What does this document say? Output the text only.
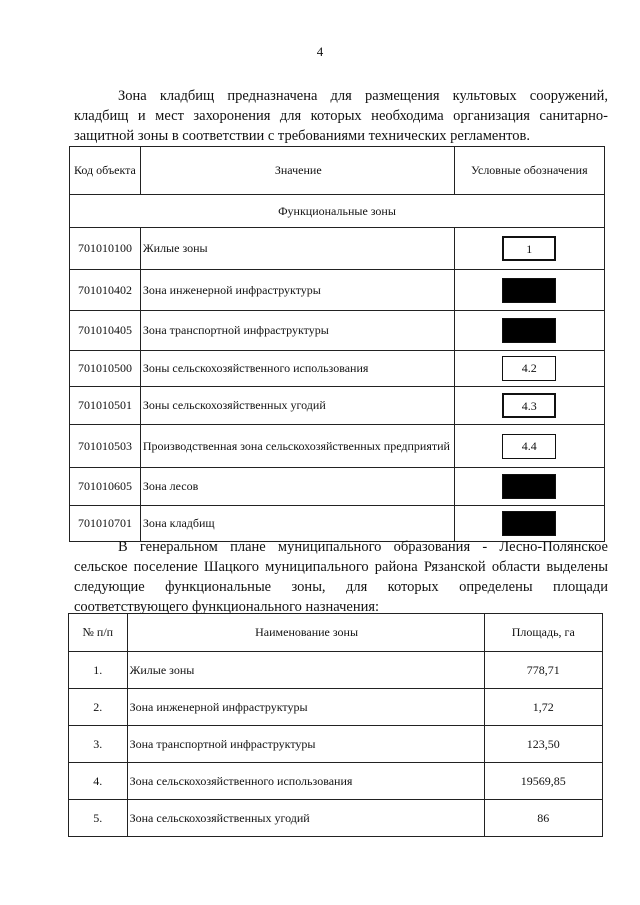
4

Зона кладбищ предназначена для размещения культовых сооружений, кладбищ и мест захоронения для которых необходима организация санитарно-защитной зоны в соответствии с требованиями технических регламентов.

Код объекта	Значение	Условные обозначения
Функциональные зоны		
701010100	Жилые зоны	1

701010402	Зона инженерной инфраструктуры	

701010405	Зона транспортной инфраструктуры	

701010500	Зоны сельскохозяйственного использования	4.2

701010501	Зоны сельскохозяйственных угодий	4.3

701010503	Производственная зона сельскохозяйственных предприятий	4.4

701010605	Зона лесов	

701010701	Зона кладбищ	

В генеральном плане муниципального образования - Лесно-Полянское сельское поселение Шацкого муниципального района Рязанской области выделены следующие функциональные зоны, для которых определены площади соответствующего функционального назначения:

№ п/п	Наименование зоны	Площадь, га
1.	Жилые зоны	778,71
2.	Зона инженерной инфраструктуры	1,72
3.	Зона транспортной инфраструктуры	123,50
4.	Зона сельскохозяйственного использования	19569,85
5.	Зона сельскохозяйственных угодий	86
